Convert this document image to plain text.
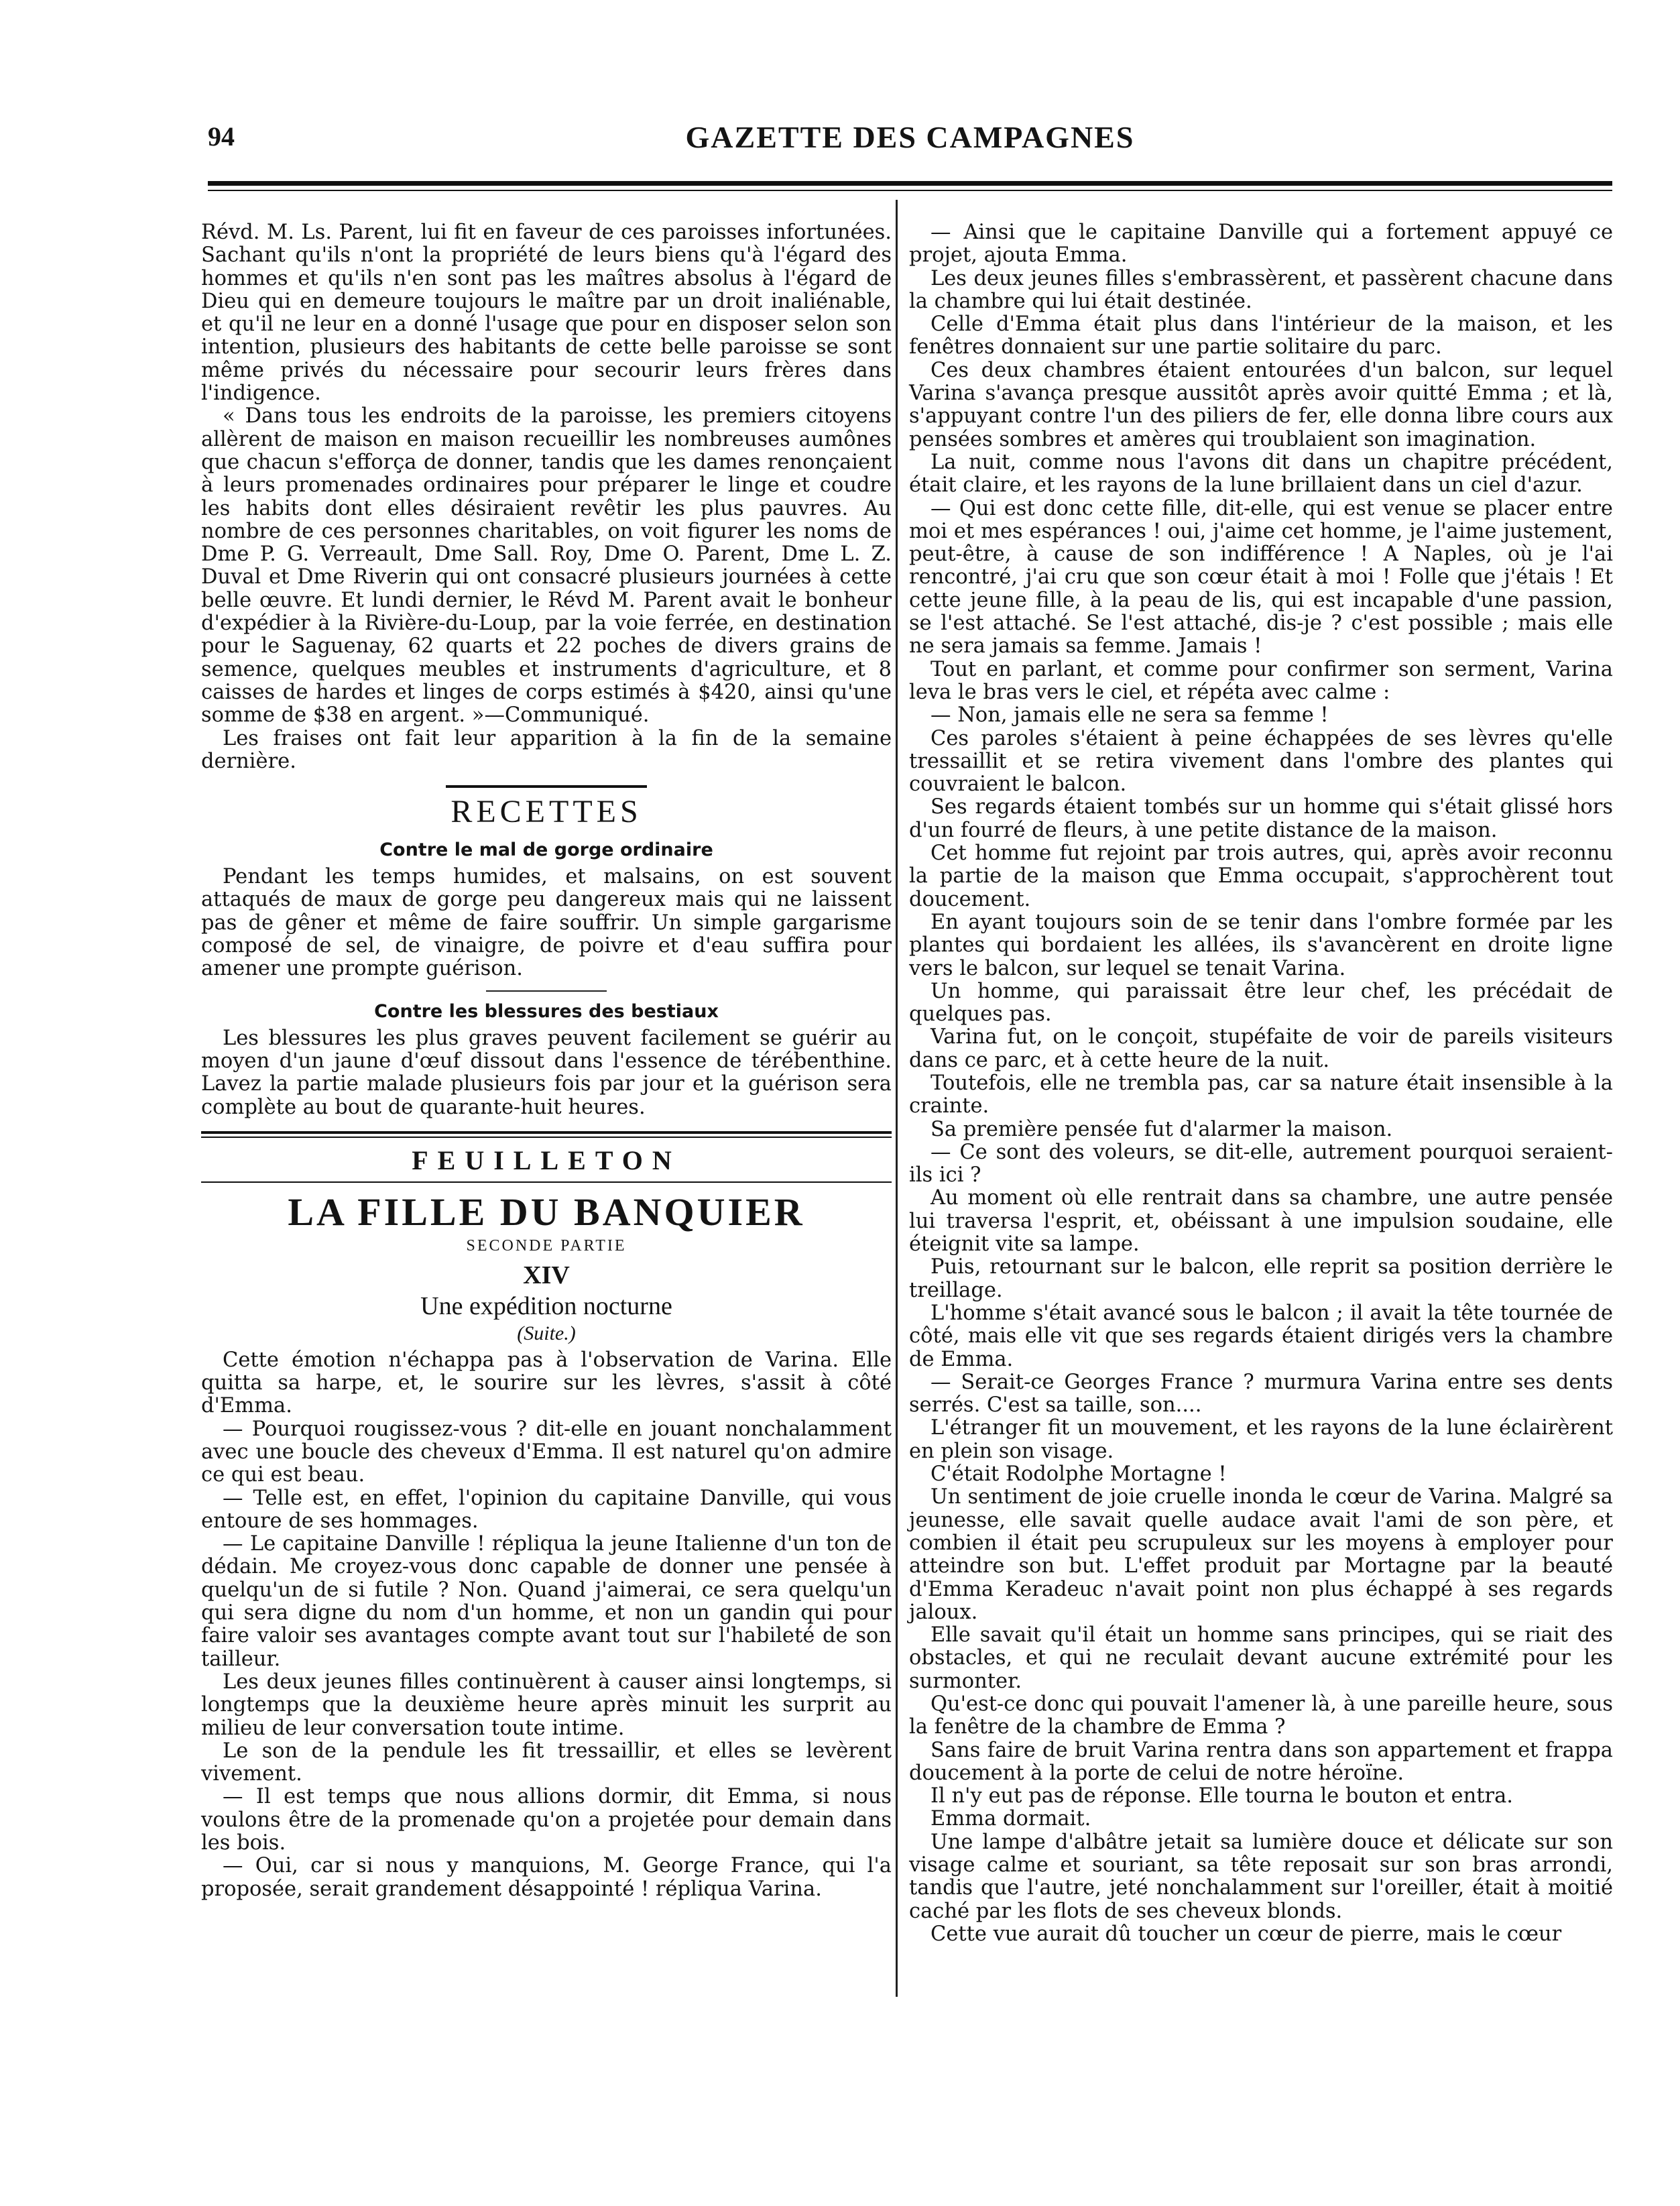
94	GAZETTE DES CAMPAGNES

Révd. M. Ls. Parent, lui fit en faveur de ces paroisses infortunées. Sachant qu'ils n'ont la propriété de leurs biens qu'à l'égard des hommes et qu'ils n'en sont pas les maîtres absolus à l'égard de Dieu qui en demeure toujours le maître par un droit inaliénable, et qu'il ne leur en a donné l'usage que pour en disposer selon son intention, plusieurs des habitants de cette belle paroisse se sont même privés du nécessaire pour secourir leurs frères dans l'indigence.

« Dans tous les endroits de la paroisse, les premiers citoyens allèrent de maison en maison recueillir les nombreuses aumônes que chacun s'efforça de donner, tandis que les dames renonçaient à leurs promenades ordinaires pour préparer le linge et coudre les habits dont elles désiraient revêtir les plus pauvres. Au nombre de ces personnes charitables, on voit figurer les noms de Dme P. G. Verreault, Dme Sall. Roy, Dme O. Parent, Dme L. Z. Duval et Dme Riverin qui ont consacré plusieurs journées à cette belle œuvre. Et lundi dernier, le Révd M. Parent avait le bonheur d'expédier à la Rivière-du-Loup, par la voie ferrée, en destination pour le Saguenay, 62 quarts et 22 poches de divers grains de semence, quelques meubles et instruments d'agriculture, et 8 caisses de hardes et linges de corps estimés à $420, ainsi qu'une somme de $38 en argent. »—Communiqué.

Les fraises ont fait leur apparition à la fin de la semaine dernière.

RECETTES
Contre le mal de gorge ordinaire

Pendant les temps humides, et malsains, on est souvent attaqués de maux de gorge peu dangereux mais qui ne laissent pas de gêner et même de faire souffrir. Un simple gargarisme composé de sel, de vinaigre, de poivre et d'eau suffira pour amener une prompte guérison.

Contre les blessures des bestiaux

Les blessures les plus graves peuvent facilement se guérir au moyen d'un jaune d'œuf dissout dans l'essence de térébenthine. Lavez la partie malade plusieurs fois par jour et la guérison sera complète au bout de quarante-huit heures.

FEUILLETON
LA FILLE DU BANQUIER
SECONDE PARTIE
XIV
Une expédition nocturne
(Suite.)

Cette émotion n'échappa pas à l'observation de Varina. Elle quitta sa harpe, et, le sourire sur les lèvres, s'assit à côté d'Emma.

— Pourquoi rougissez-vous ? dit-elle en jouant nonchalamment avec une boucle des cheveux d'Emma. Il est naturel qu'on admire ce qui est beau.

— Telle est, en effet, l'opinion du capitaine Danville, qui vous entoure de ses hommages.

— Le capitaine Danville ! répliqua la jeune Italienne d'un ton de dédain. Me croyez-vous donc capable de donner une pensée à quelqu'un de si futile ? Non. Quand j'aimerai, ce sera quelqu'un qui sera digne du nom d'un homme, et non un gandin qui pour faire valoir ses avantages compte avant tout sur l'habileté de son tailleur.

Les deux jeunes filles continuèrent à causer ainsi longtemps, si longtemps que la deuxième heure après minuit les surprit au milieu de leur conversation toute intime.

Le son de la pendule les fit tressaillir, et elles se levèrent vivement.

— Il est temps que nous allions dormir, dit Emma, si nous voulons être de la promenade qu'on a projetée pour demain dans les bois.

— Oui, car si nous y manquions, M. George France, qui l'a proposée, serait grandement désappointé ! répliqua Varina.

— Ainsi que le capitaine Danville qui a fortement appuyé ce projet, ajouta Emma.

Les deux jeunes filles s'embrassèrent, et passèrent chacune dans la chambre qui lui était destinée.

Celle d'Emma était plus dans l'intérieur de la maison, et les fenêtres donnaient sur une partie solitaire du parc.

Ces deux chambres étaient entourées d'un balcon, sur lequel Varina s'avança presque aussitôt après avoir quitté Emma ; et là, s'appuyant contre l'un des piliers de fer, elle donna libre cours aux pensées sombres et amères qui troublaient son imagination.

La nuit, comme nous l'avons dit dans un chapitre précédent, était claire, et les rayons de la lune brillaient dans un ciel d'azur.

— Qui est donc cette fille, dit-elle, qui est venue se placer entre moi et mes espérances ! oui, j'aime cet homme, je l'aime justement, peut-être, à cause de son indifférence ! A Naples, où je l'ai rencontré, j'ai cru que son cœur était à moi ! Folle que j'étais ! Et cette jeune fille, à la peau de lis, qui est incapable d'une passion, se l'est attaché. Se l'est attaché, dis-je ? c'est possible ; mais elle ne sera jamais sa femme. Jamais !

Tout en parlant, et comme pour confirmer son serment, Varina leva le bras vers le ciel, et répéta avec calme :

— Non, jamais elle ne sera sa femme !

Ces paroles s'étaient à peine échappées de ses lèvres qu'elle tressaillit et se retira vivement dans l'ombre des plantes qui couvraient le balcon.

Ses regards étaient tombés sur un homme qui s'était glissé hors d'un fourré de fleurs, à une petite distance de la maison.

Cet homme fut rejoint par trois autres, qui, après avoir reconnu la partie de la maison que Emma occupait, s'approchèrent tout doucement.

En ayant toujours soin de se tenir dans l'ombre formée par les plantes qui bordaient les allées, ils s'avancèrent en droite ligne vers le balcon, sur lequel se tenait Varina.

Un homme, qui paraissait être leur chef, les précédait de quelques pas.

Varina fut, on le conçoit, stupéfaite de voir de pareils visiteurs dans ce parc, et à cette heure de la nuit.

Toutefois, elle ne trembla pas, car sa nature était insensible à la crainte.

Sa première pensée fut d'alarmer la maison.

— Ce sont des voleurs, se dit-elle, autrement pourquoi seraient-ils ici ?

Au moment où elle rentrait dans sa chambre, une autre pensée lui traversa l'esprit, et, obéissant à une impulsion soudaine, elle éteignit vite sa lampe.

Puis, retournant sur le balcon, elle reprit sa position derrière le treillage.

L'homme s'était avancé sous le balcon ; il avait la tête tournée de côté, mais elle vit que ses regards étaient dirigés vers la chambre de Emma.

— Serait-ce Georges France ? murmura Varina entre ses dents serrés. C'est sa taille, son....

L'étranger fit un mouvement, et les rayons de la lune éclairèrent en plein son visage.

C'était Rodolphe Mortagne !

Un sentiment de joie cruelle inonda le cœur de Varina. Malgré sa jeunesse, elle savait quelle audace avait l'ami de son père, et combien il était peu scrupuleux sur les moyens à employer pour atteindre son but. L'effet produit par Mortagne par la beauté d'Emma Keradeuc n'avait point non plus échappé à ses regards jaloux.

Elle savait qu'il était un homme sans principes, qui se riait des obstacles, et qui ne reculait devant aucune extrémité pour les surmonter.

Qu'est-ce donc qui pouvait l'amener là, à une pareille heure, sous la fenêtre de la chambre de Emma ?

Sans faire de bruit Varina rentra dans son appartement et frappa doucement à la porte de celui de notre héroïne.

Il n'y eut pas de réponse. Elle tourna le bouton et entra.

Emma dormait.

Une lampe d'albâtre jetait sa lumière douce et délicate sur son visage calme et souriant, sa tête reposait sur son bras arrondi, tandis que l'autre, jeté nonchalamment sur l'oreiller, était à moitié caché par les flots de ses cheveux blonds.

Cette vue aurait dû toucher un cœur de pierre, mais le cœur
